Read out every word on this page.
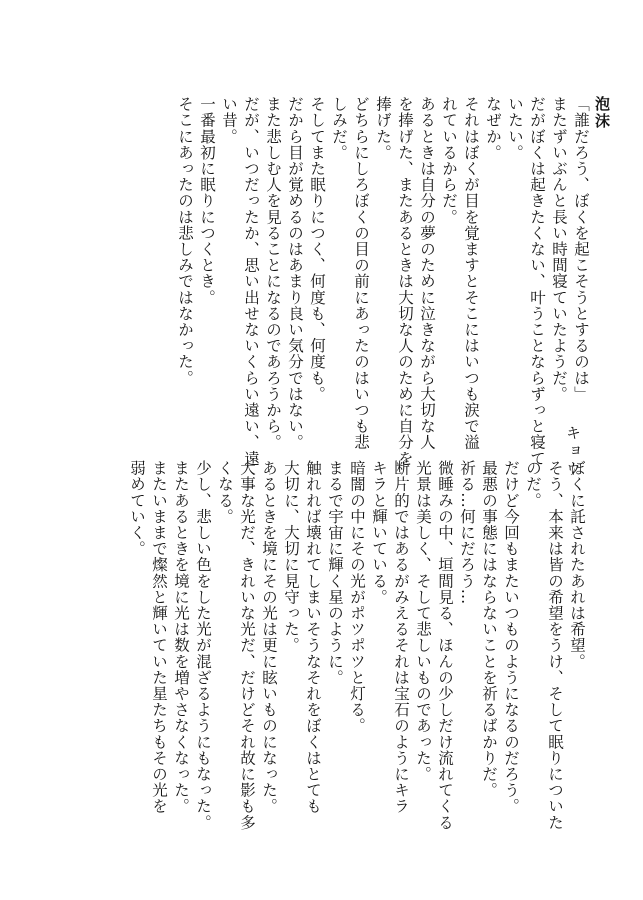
泡沫
キョウ
「誰だろう、ぼくを起こそうとするのは」
またずいぶんと長い時間寝ていたようだ。
だがぼくは起きたくない、叶うことならずっと寝て
いたい。
なぜか。
それはぼくが目を覚ますとそこにはいつも涙で溢
れているからだ。
あるときは自分の夢のために泣きながら大切な人
を捧げた、またあるときは大切な人のために自分を
捧げた。
どちらにしろぼくの目の前にあったのはいつも悲
しみだ。
そしてまた眠りにつく、何度も、何度も。
だから目が覚めるのはあまり良い気分ではない。
また悲しむ人を見ることになるのであろうから。
だが、いつだったか、思い出せないくらい遠い、遠
い昔。
一番最初に眠りにつくとき。
そこにあったのは悲しみではなかった。
ぼくに託されたあれは希望。
そう、本来は皆の希望をうけ、そして眠りについた
のだ。
だけど今回もまたいつものようになるのだろう。
最悪の事態にはならないことを祈るばかりだ。
祈る…何にだろう…
微睡みの中、垣間見る、ほんの少しだけ流れてくる
光景は美しく、そして悲しいものであった。
断片的ではあるがみえるそれは宝石のようにキラ
キラと輝いている。
暗闇の中にその光がポツポツと灯る。
まるで宇宙に輝く星のように。
触れれば壊れてしまいそうなそれをぼくはとても
大切に、大切に見守った。
あるときを境にその光は更に眩いものになった。
大事な光だ、きれいな光だ、だけどそれ故に影も多
くなる。
少し、悲しい色をした光が混ざるようにもなった。
またあるときを境に光は数を増やさなくなった。
またいままで燦然と輝いていた星たちもその光を
弱めていく。
